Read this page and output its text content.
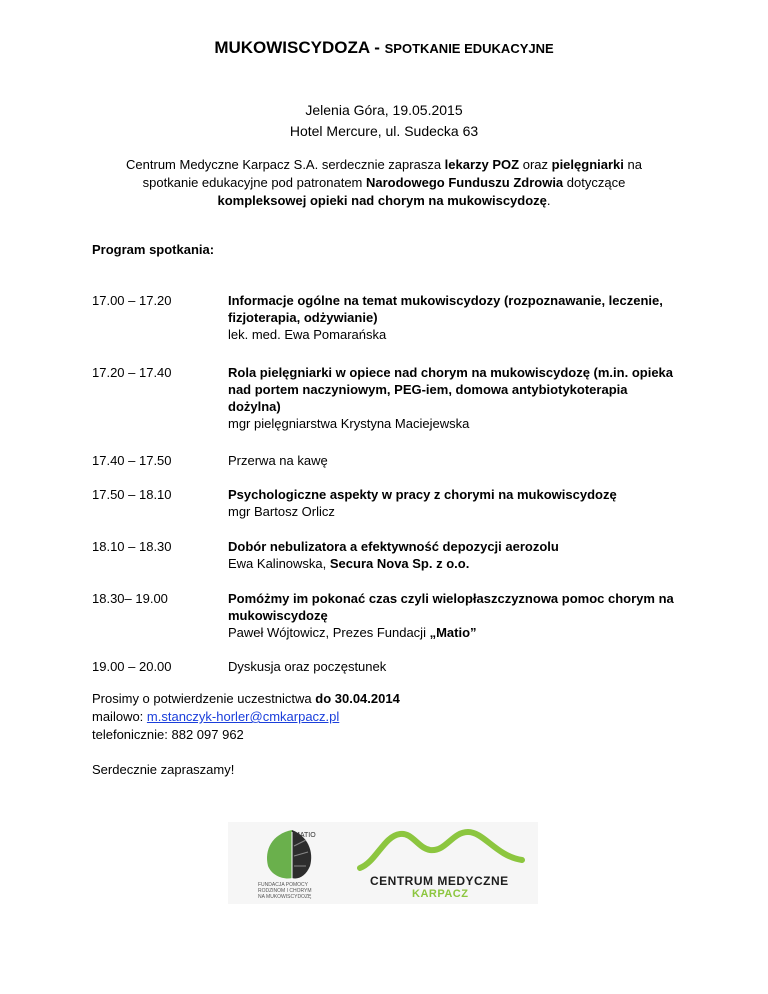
MUKOWISCYDOZA - SPOTKANIE EDUKACYJNE
Jelenia Góra, 19.05.2015
Hotel Mercure, ul. Sudecka 63
Centrum Medyczne Karpacz S.A. serdecznie zaprasza lekarzy POZ oraz pielęgniarki na spotkanie edukacyjne pod patronatem Narodowego Funduszu Zdrowia dotyczące kompleksowej opieki nad chorym na mukowiscydozę.
Program spotkania:
17.00 – 17.20	Informacje ogólne na temat mukowiscydozy (rozpoznawanie, leczenie, fizjoterapia, odżywianie)
lek. med. Ewa Pomarańska
17.20 – 17.40	Rola pielęgniarki w opiece nad chorym na mukowiscydozę (m.in. opieka nad portem naczyniowym, PEG-iem, domowa antybiotykoterapia dożylna)
mgr pielęgniarstwa Krystyna Maciejewska
17.40 – 17.50	Przerwa na kawę
17.50 – 18.10	Psychologiczne aspekty w pracy z chorymi na mukowiscydozę
mgr Bartosz Orlicz
18.10 – 18.30	Dobór nebulizatora a efektywność depozycji aerozolu
Ewa Kalinowska, Secura Nova Sp. z o.o.
18.30– 19.00	Pomóżmy im pokonać czas czyli wielopłaszczyznowa pomoc chorym na mukowiscydozę
Paweł Wójtowicz, Prezes Fundacji „Matio”
19.00 – 20.00	Dyskusja oraz poczęstunek
Prosimy o potwierdzenie uczestnictwa do 30.04.2014
mailowo: m.stanczyk-horler@cmkarpacz.pl
telefonicznie: 882 097 962
Serdecznie zapraszamy!
MATIO
FUNDACJA POMOCY
RODZINOM I CHORYM
NA MUKOWISCYDOZĘ
CENTRUM MEDYCZNE
KARPACZ
